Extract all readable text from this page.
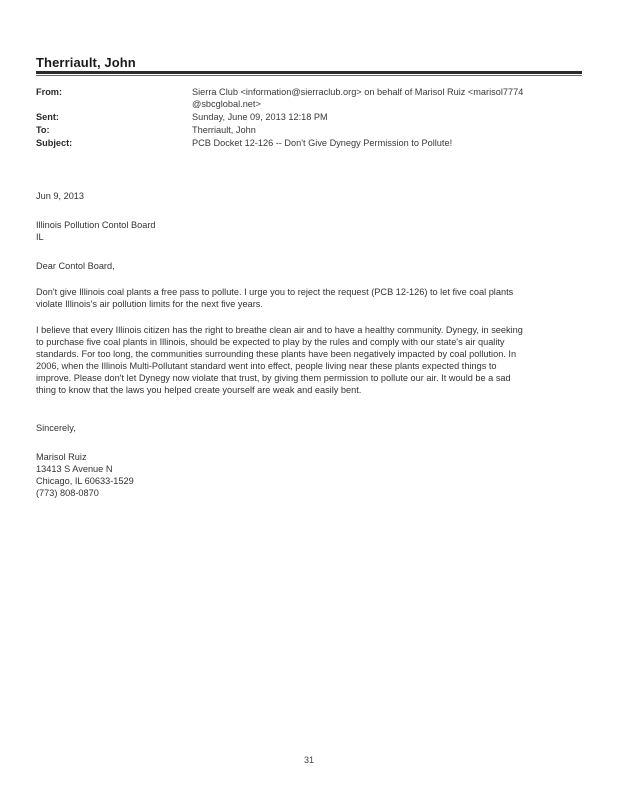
Therriault, John
From:	Sierra Club <information@sierraclub.org> on behalf of Marisol Ruiz <marisol7774
@sbcglobal.net>
Sent:	Sunday, June 09, 2013 12:18 PM
To:	Therriault, John
Subject:	PCB Docket 12-126 -- Don't Give Dynegy Permission to Pollute!
Jun 9, 2013
Illinois Pollution Contol Board
IL
Dear Contol Board,
Don't give Illinois coal plants a free pass to pollute. I urge you to reject the request (PCB 12-126) to let five coal plants
violate Illinois's air pollution limits for the next five years.
I believe that every Illinois citizen has the right to breathe clean air and to have a healthy community. Dynegy, in seeking
to purchase five coal plants in Illinois, should be expected to play by the rules and comply with our state's air quality
standards. For too long, the communities surrounding these plants have been negatively impacted by coal pollution. In
2006, when the Illinois Multi-Pollutant standard went into effect, people living near these plants expected things to
improve. Please don't let Dynegy now violate that trust, by giving them permission to pollute our air. It would be a sad
thing to know that the laws you helped create yourself are weak and easily bent.
Sincerely,
Marisol Ruiz
13413 S Avenue N
Chicago, IL 60633-1529
(773) 808-0870
31
